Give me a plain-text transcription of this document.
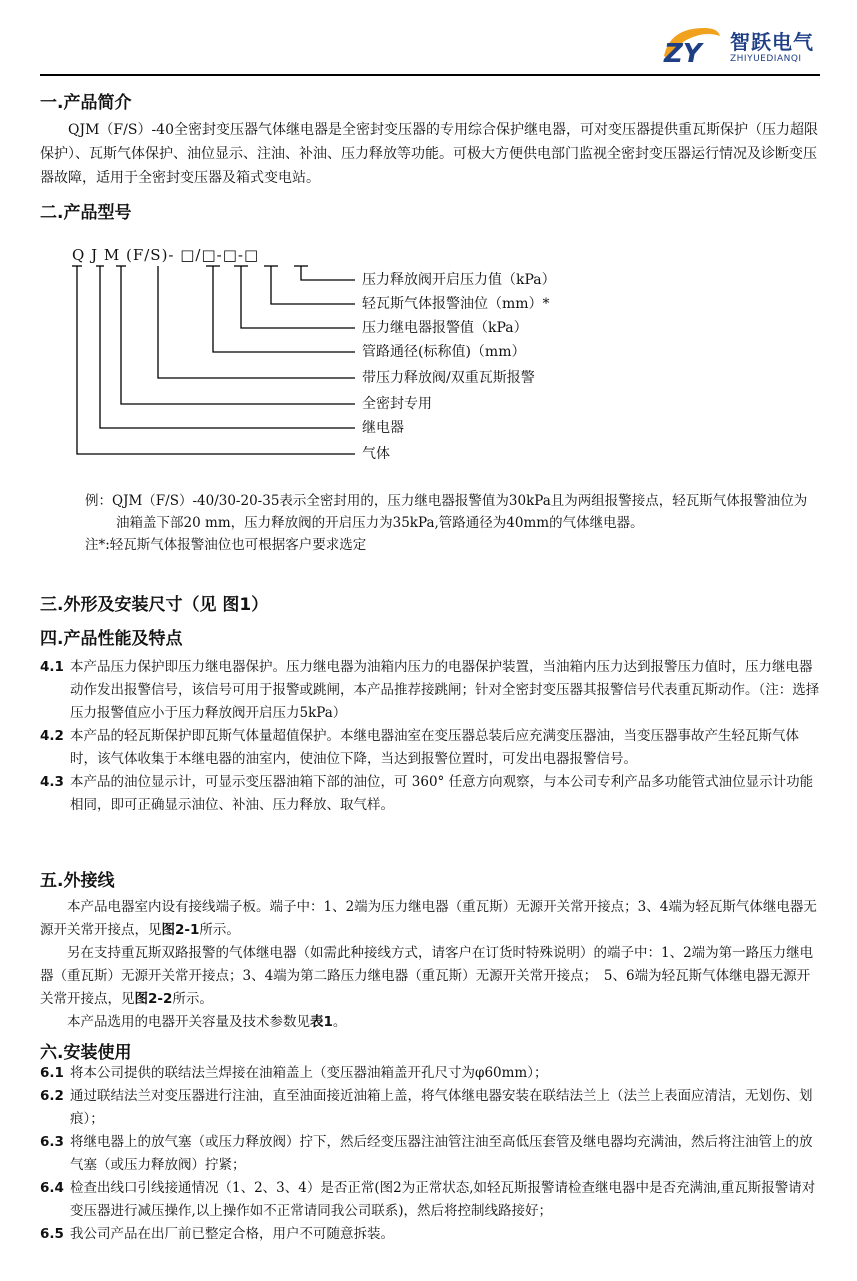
ZY 智跃电气
ZHIYUEDIANQI
一.产品简介

QJM（F/S）-40全密封变压器气体继电器是全密封变压器的专用综合保护继电器，可对变压器提供重瓦斯保护（压力超限保护）、瓦斯气体保护、油位显示、注油、补油、压力释放等功能。可极大方便供电部门监视全密封变压器运行情况及诊断变压器故障，适用于全密封变压器及箱式变电站。

二.产品型号
Q J M (F/S)- □/□-□-□
压力释放阀开启压力值（kPa）
轻瓦斯气体报警油位（mm）*
压力继电器报警值（kPa）
管路通径(标称值)（mm）
带压力释放阀/双重瓦斯报警
全密封专用
继电器
气体

例：QJM（F/S）-40/30-20-35表示全密封用的，压力继电器报警值为30kPa且为两组报警接点，轻瓦斯气体报警油位为油箱盖下部20 mm，压力释放阀的开启压力为35kPa,管路通径为40mm的气体继电器。

注*:轻瓦斯气体报警油位也可根据客户要求选定

三.外形及安装尺寸（见 图1）
四.产品性能及特点
4.1 本产品压力保护即压力继电器保护。压力继电器为油箱内压力的电器保护装置，当油箱内压力达到报警压力值时，压力继电器动作发出报警信号，该信号可用于报警或跳闸，本产品推荐接跳闸；针对全密封变压器其报警信号代表重瓦斯动作。（注：选择压力报警值应小于压力释放阀开启压力5kPa）
4.2 本产品的轻瓦斯保护即瓦斯气体量超值保护。本继电器油室在变压器总装后应充满变压器油，当变压器事故产生轻瓦斯气体时，该气体收集于本继电器的油室内，使油位下降，当达到报警位置时，可发出电器报警信号。
4.3 本产品的油位显示计，可显示变压器油箱下部的油位，可 360° 任意方向观察，与本公司专利产品多功能管式油位显示计功能相同，即可正确显示油位、补油、压力释放、取气样。
五.外接线

本产品电器室内设有接线端子板。端子中：1、2端为压力继电器（重瓦斯）无源开关常开接点；3、4端为轻瓦斯气体继电器无源开关常开接点，见图2-1所示。

另在支持重瓦斯双路报警的气体继电器（如需此种接线方式，请客户在订货时特殊说明）的端子中：1、2端为第一路压力继电器（重瓦斯）无源开关常开接点；3、4端为第二路压力继电器（重瓦斯）无源开关常开接点；　5、6端为轻瓦斯气体继电器无源开关常开接点，见图2-2所示。

本产品选用的电器开关容量及技术参数见表1。

六.安装使用
6.1 将本公司提供的联结法兰焊接在油箱盖上（变压器油箱盖开孔尺寸为φ60mm）；
6.2 通过联结法兰对变压器进行注油，直至油面接近油箱上盖，将气体继电器安装在联结法兰上（法兰上表面应清洁，无划伤、划痕）；
6.3 将继电器上的放气塞（或压力释放阀）拧下，然后经变压器注油管注油至高低压套管及继电器均充满油，然后将注油管上的放气塞（或压力释放阀）拧紧；
6.4 检查出线口引线接通情况（1、2、3、4）是否正常(图2为正常状态,如轻瓦斯报警请检查继电器中是否充满油,重瓦斯报警请对变压器进行减压操作,以上操作如不正常请同我公司联系)，然后将控制线路接好；
6.5 我公司产品在出厂前已整定合格，用户不可随意拆装。
